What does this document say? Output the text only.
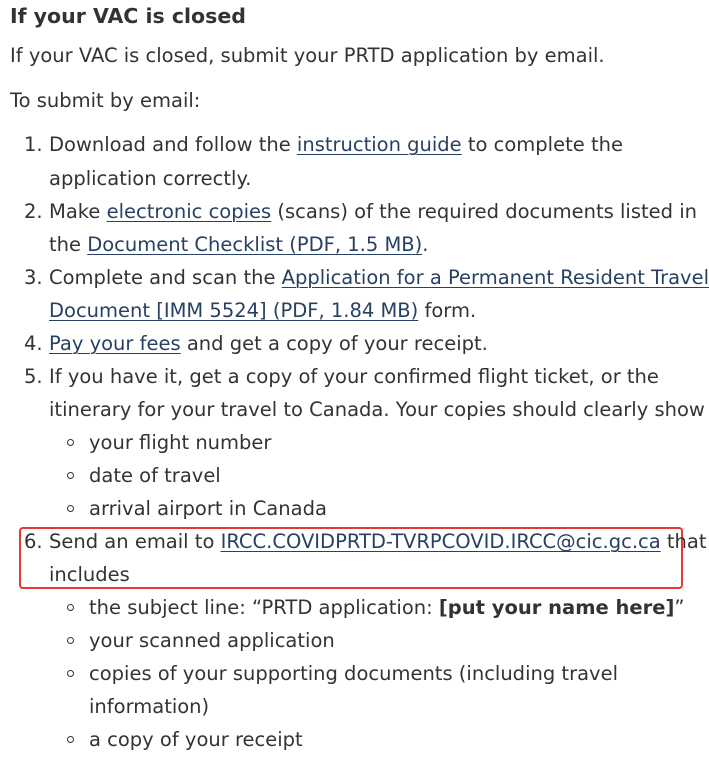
If your VAC is closed

If your VAC is closed, submit your PRTD application by email.

To submit by email:

1. Download and follow the instruction guide to complete the
application correctly.
2. Make electronic copies (scans) of the required documents listed in
the Document Checklist (PDF, 1.5 MB).
3. Complete and scan the Application for a Permanent Resident Travel
Document [IMM 5524] (PDF, 1.84 MB) form.
4. Pay your fees and get a copy of your receipt.
5. If you have it, get a copy of your confirmed flight ticket, or the
itinerary for your travel to Canada. Your copies should clearly show
your flight number
date of travel
arrival airport in Canada
6. Send an email to IRCC.COVIDPRTD-TVRPCOVID.IRCC@cic.gc.ca that
includes
the subject line: “PRTD application: [put your name here]”
your scanned application
copies of your supporting documents (including travel
information)
a copy of your receipt
